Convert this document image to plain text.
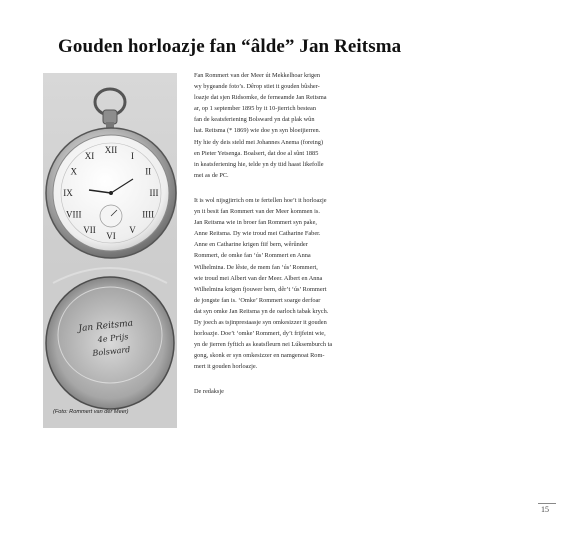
Gouden horloazje fan “âlde” Jan Reitsma
XII
I
II
III
IIII
V
VI
VII
VIII
IX
X
XI
Jan Reitsma
4e Prijs
Bolsward
(Foto: Rommert van der Meer)
Fan Rommert van der Meer út Mekkelhoar krigen
wy bygeande foto’s. Dêrop stiet it gouden bûsher-
loazje dat sjen Ridsomke, de ferneamde Jan Reitsma
ar, op 1 september 1895 by it 10-jierrich bestean
fan de keatsferiening Bolsward yn dat plak wûn
hat. Reitsma (* 1869) wie doe yn syn bloeijierren.
Hy hie dy deis steld mei Johannes Anema (foreing)
en Pieter Yetsenga. Boalsert, dat doe al sûnt 1885
in keatsferiening hie, telde yn dy tiid haast likefolle
mei as de PC.
It is wol nijsgjirrich om te fertellen hoe’t it horloazje
yn it besit fan Rommert van der Meer kommen is.
Jan Reitsma wie in broer fan Rommert syn pake,
Anne Reitsma. Dy wie troud mei Catharine Faber.
Anne en Catharine krigen fiif bern, wêrûnder
Rommert, de omke fan ‘ús’ Rommert en Anna
Wilhelmina. De lêste, de mem fan ‘ús’ Rommert,
wie troud mei Albert van der Meer. Albert en Anna
Wilhelmina krigen fjouwer bern, dêr’t ‘ús’ Rommert
de jongste fan is. ‘Omke’ Rommert soarge derfoar
dat syn omke Jan Reitsma yn de oarloch tabak krych.
Dy joech as tsjinprestaasje syn omkesizzer it gouden
horloazje. Doe’t ‘omke’ Rommert, dy’t frijfeint wie,
yn de jierren fyftich as keatsfleurn nei Lúksemburch ta
gong, skonk er syn omkesizzer en namgenoat Rom-
mert it gouden horloazje.
De redaksje
15
